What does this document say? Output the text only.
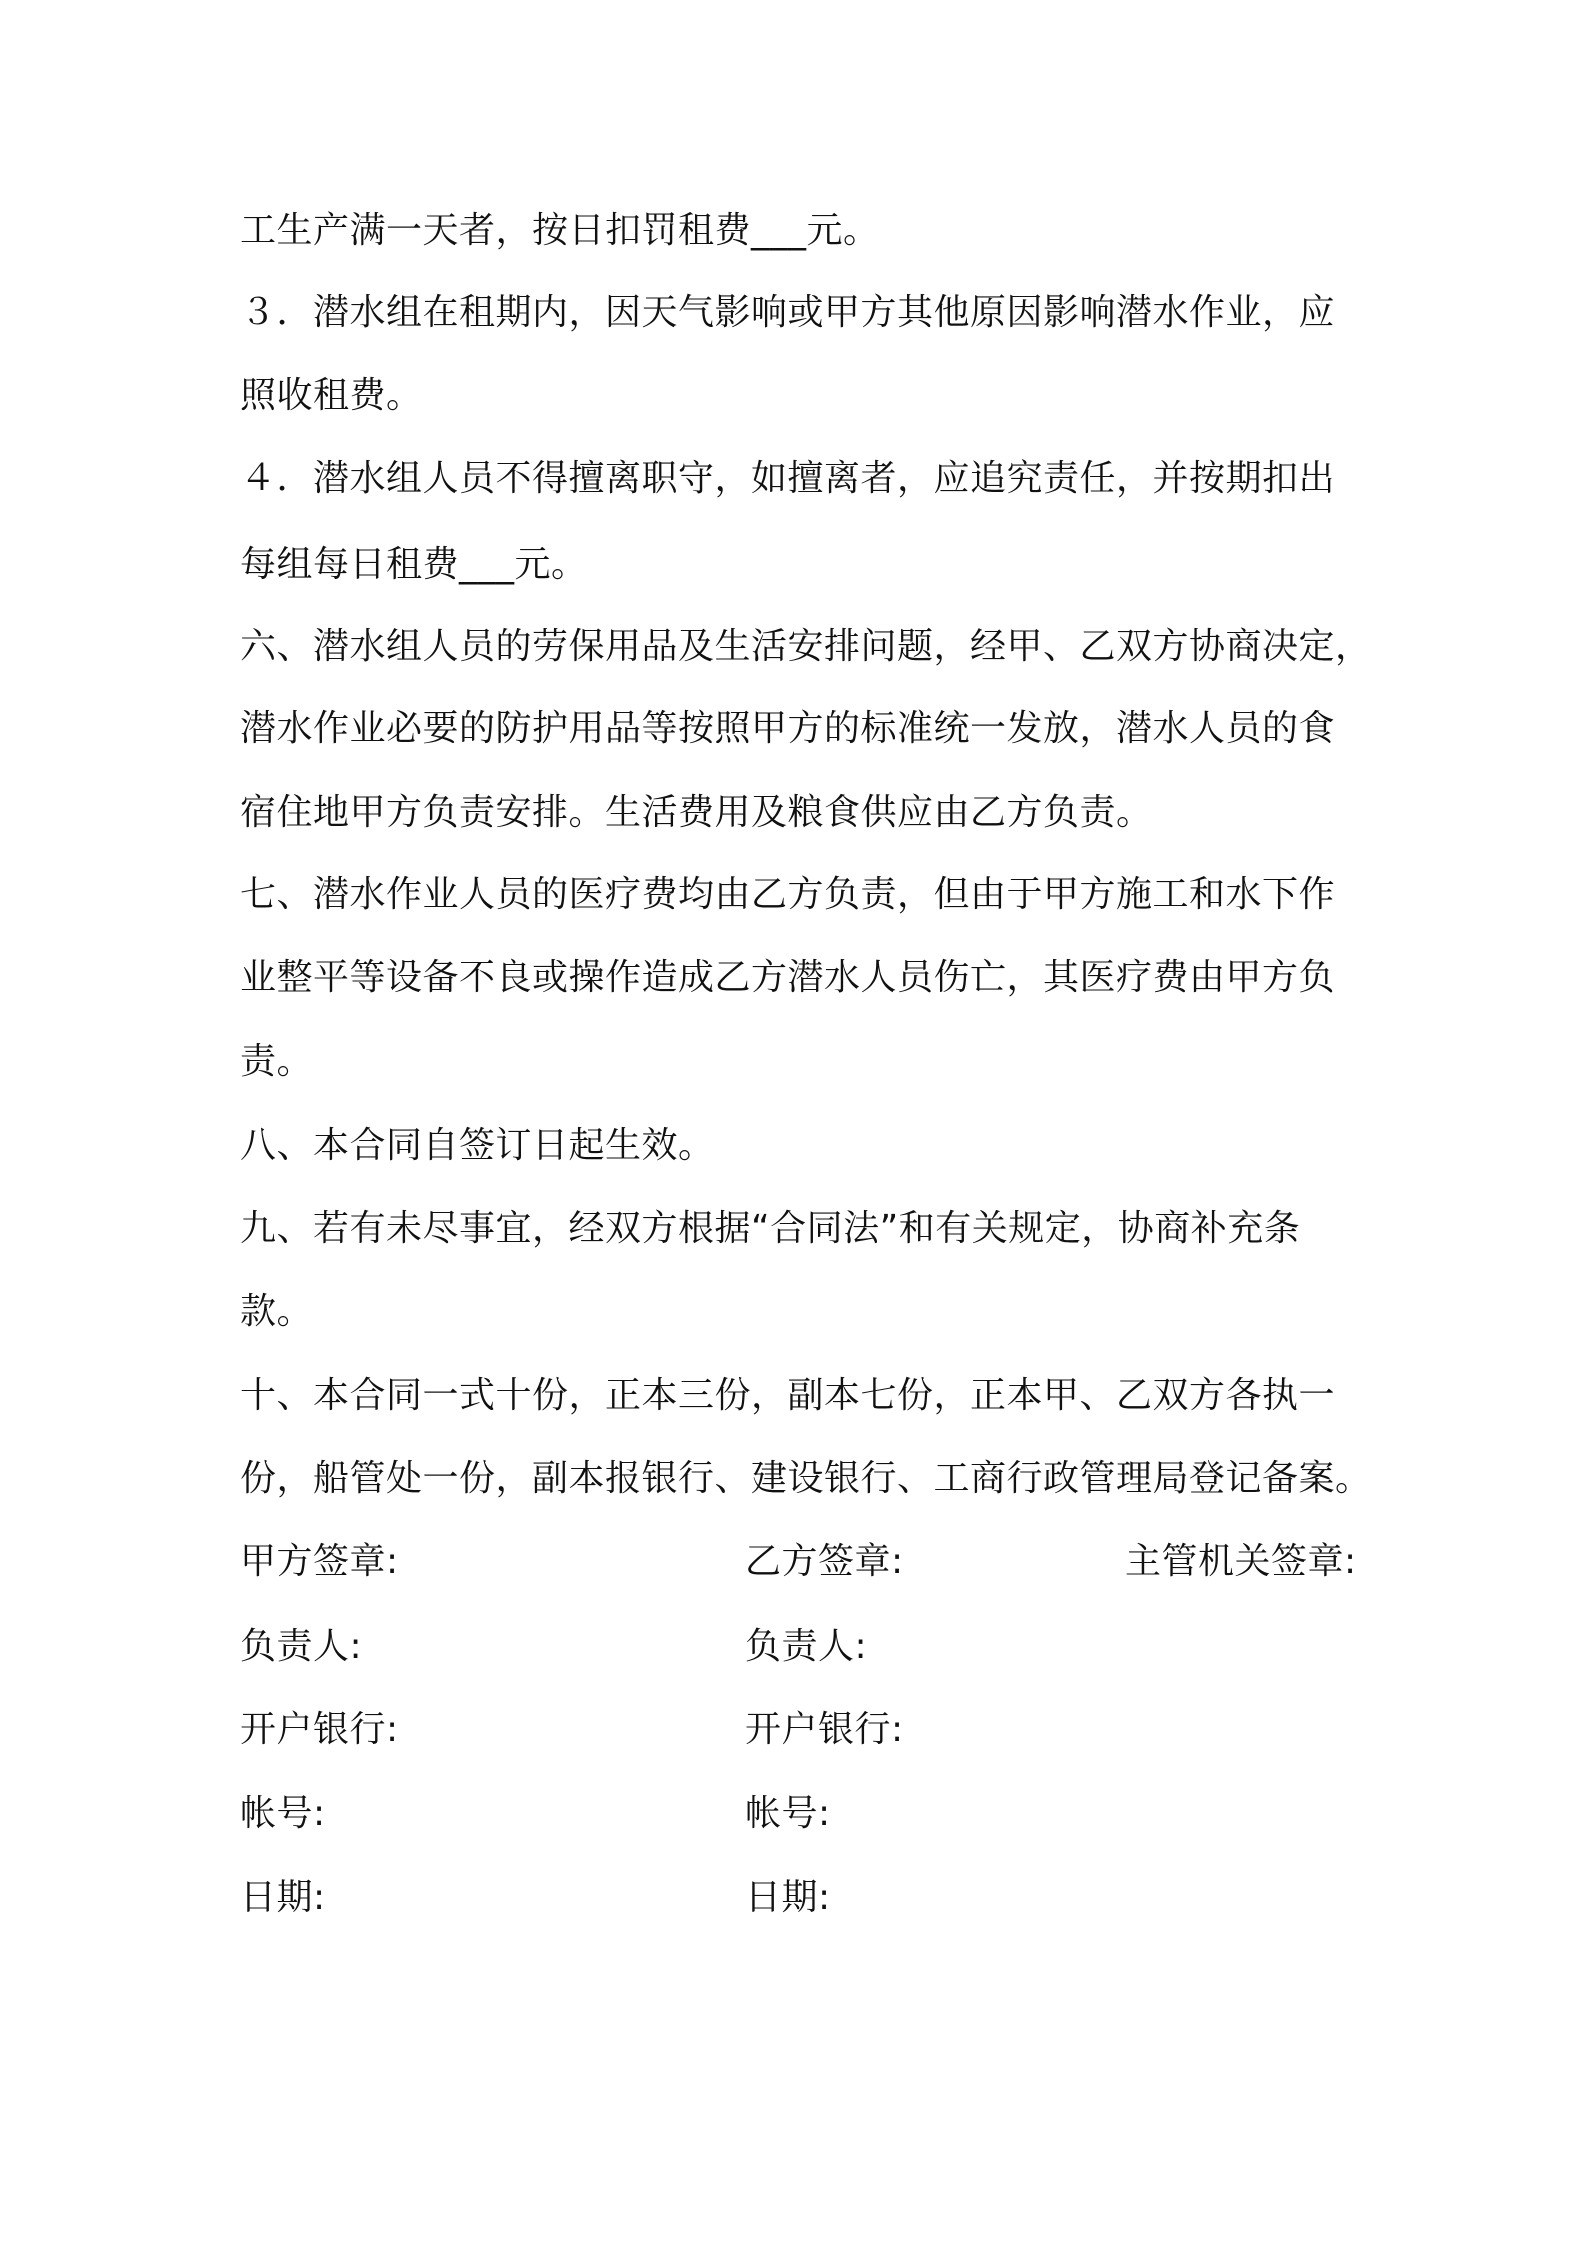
工生产满一天者，按日扣罚租费___元。
３．潜水组在租期内，因天气影响或甲方其他原因影响潜水作业，应
照收租费。
４．潜水组人员不得擅离职守，如擅离者，应追究责任，并按期扣出
每组每日租费___元。
六、潜水组人员的劳保用品及生活安排问题，经甲、乙双方协商决定，
潜水作业必要的防护用品等按照甲方的标准统一发放，潜水人员的食
宿住地甲方负责安排。生活费用及粮食供应由乙方负责。
七、潜水作业人员的医疗费均由乙方负责，但由于甲方施工和水下作
业整平等设备不良或操作造成乙方潜水人员伤亡，其医疗费由甲方负
责。
八、本合同自签订日起生效。
九、若有未尽事宜，经双方根据“合同法”和有关规定，协商补充条
款。
十、本合同一式十份，正本三份，副本七份，正本甲、乙双方各执一
份，船管处一份，副本报银行、建设银行、工商行政管理局登记备案。
甲方签章:	乙方签章:	主管机关签章:
负责人:	负责人:
开户银行:	开户银行:
帐号:	帐号:
日期:	日期:
